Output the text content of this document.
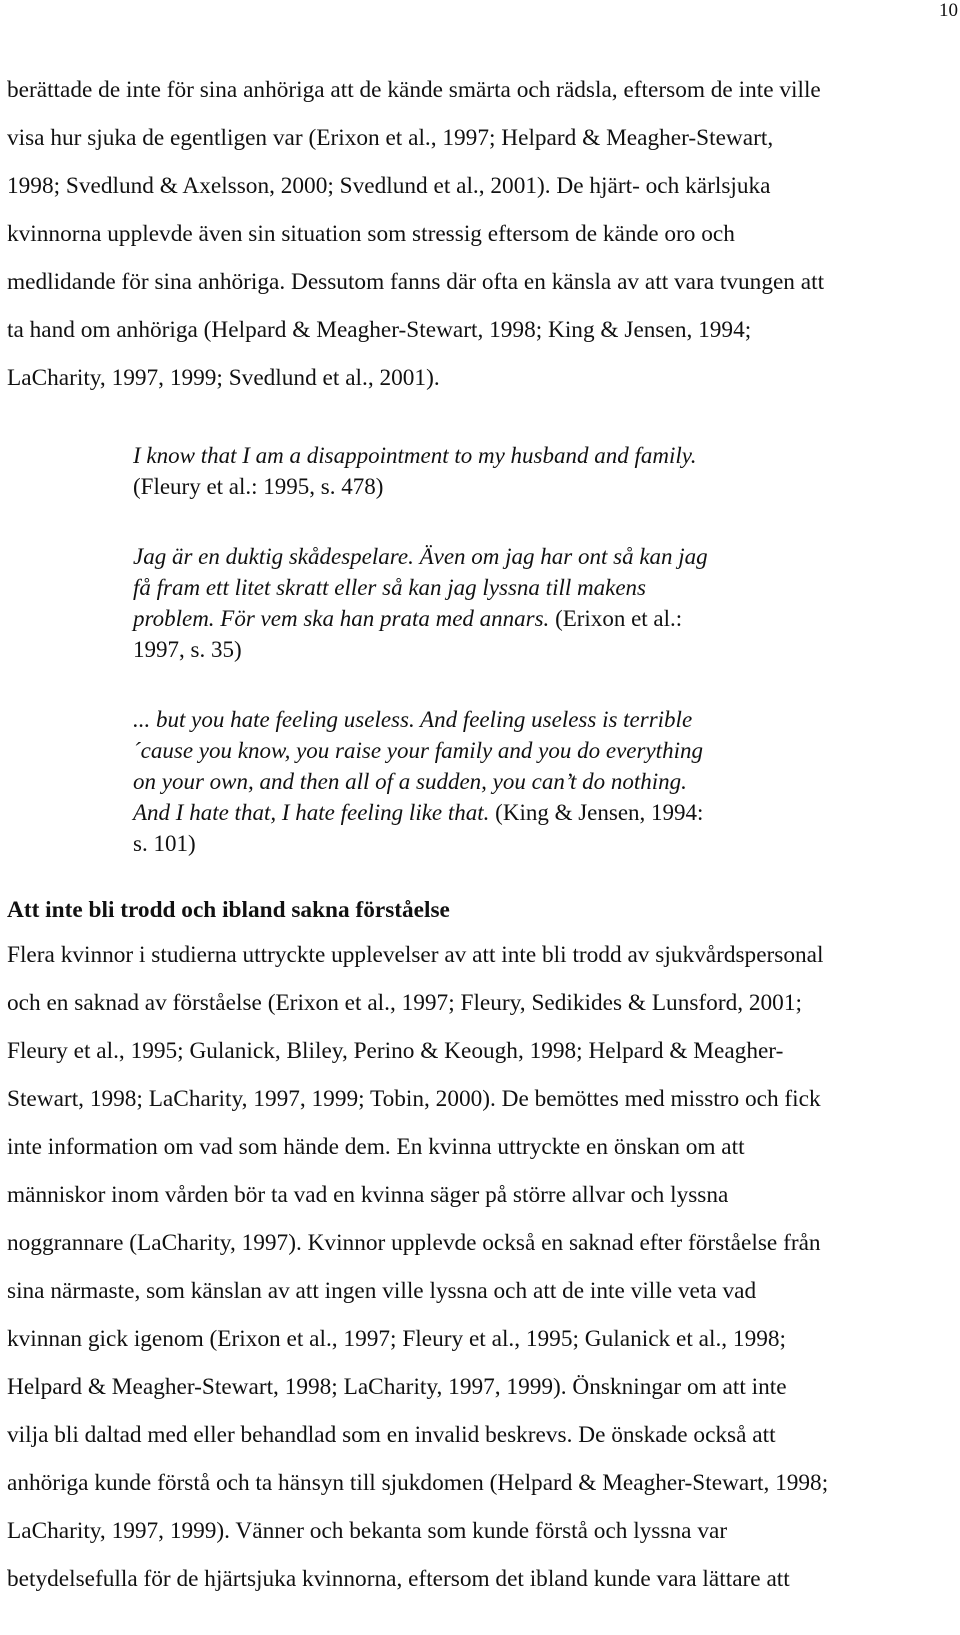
10

berättade de inte för sina anhöriga att de kände smärta och rädsla, eftersom de inte ville
visa hur sjuka de egentligen var (Erixon et al., 1997; Helpard & Meagher-Stewart,
1998; Svedlund & Axelsson, 2000; Svedlund et al., 2001). De hjärt- och kärlsjuka
kvinnorna upplevde även sin situation som stressig eftersom de kände oro och
medlidande för sina anhöriga. Dessutom fanns där ofta en känsla av att vara tvungen att
ta hand om anhöriga (Helpard & Meagher-Stewart, 1998; King & Jensen, 1994;
LaCharity, 1997, 1999; Svedlund et al., 2001).

I know that I am a disappointment to my husband and family.
(Fleury et al.: 1995, s. 478)
Jag är en duktig skådespelare. Även om jag har ont så kan jag
få fram ett litet skratt eller så kan jag lyssna till makens
problem. För vem ska han prata med annars. (Erixon et al.:
1997, s. 35)
... but you hate feeling useless. And feeling useless is terrible
´cause you know, you raise your family and you do everything
on your own, and then all of a sudden, you can’t do nothing.
And I hate that, I hate feeling like that. (King & Jensen, 1994:
s. 101)
Att inte bli trodd och ibland sakna förståelse

Flera kvinnor i studierna uttryckte upplevelser av att inte bli trodd av sjukvårdspersonal
och en saknad av förståelse (Erixon et al., 1997; Fleury, Sedikides & Lunsford, 2001;
Fleury et al., 1995; Gulanick, Bliley, Perino & Keough, 1998; Helpard & Meagher-
Stewart, 1998; LaCharity, 1997, 1999; Tobin, 2000). De bemöttes med misstro och fick
inte information om vad som hände dem. En kvinna uttryckte en önskan om att
människor inom vården bör ta vad en kvinna säger på större allvar och lyssna
noggrannare (LaCharity, 1997). Kvinnor upplevde också en saknad efter förståelse från
sina närmaste, som känslan av att ingen ville lyssna och att de inte ville veta vad
kvinnan gick igenom (Erixon et al., 1997; Fleury et al., 1995; Gulanick et al., 1998;
Helpard & Meagher-Stewart, 1998; LaCharity, 1997, 1999). Önskningar om att inte
vilja bli daltad med eller behandlad som en invalid beskrevs. De önskade också att
anhöriga kunde förstå och ta hänsyn till sjukdomen (Helpard & Meagher-Stewart, 1998;
LaCharity, 1997, 1999). Vänner och bekanta som kunde förstå och lyssna var
betydelsefulla för de hjärtsjuka kvinnorna, eftersom det ibland kunde vara lättare att
